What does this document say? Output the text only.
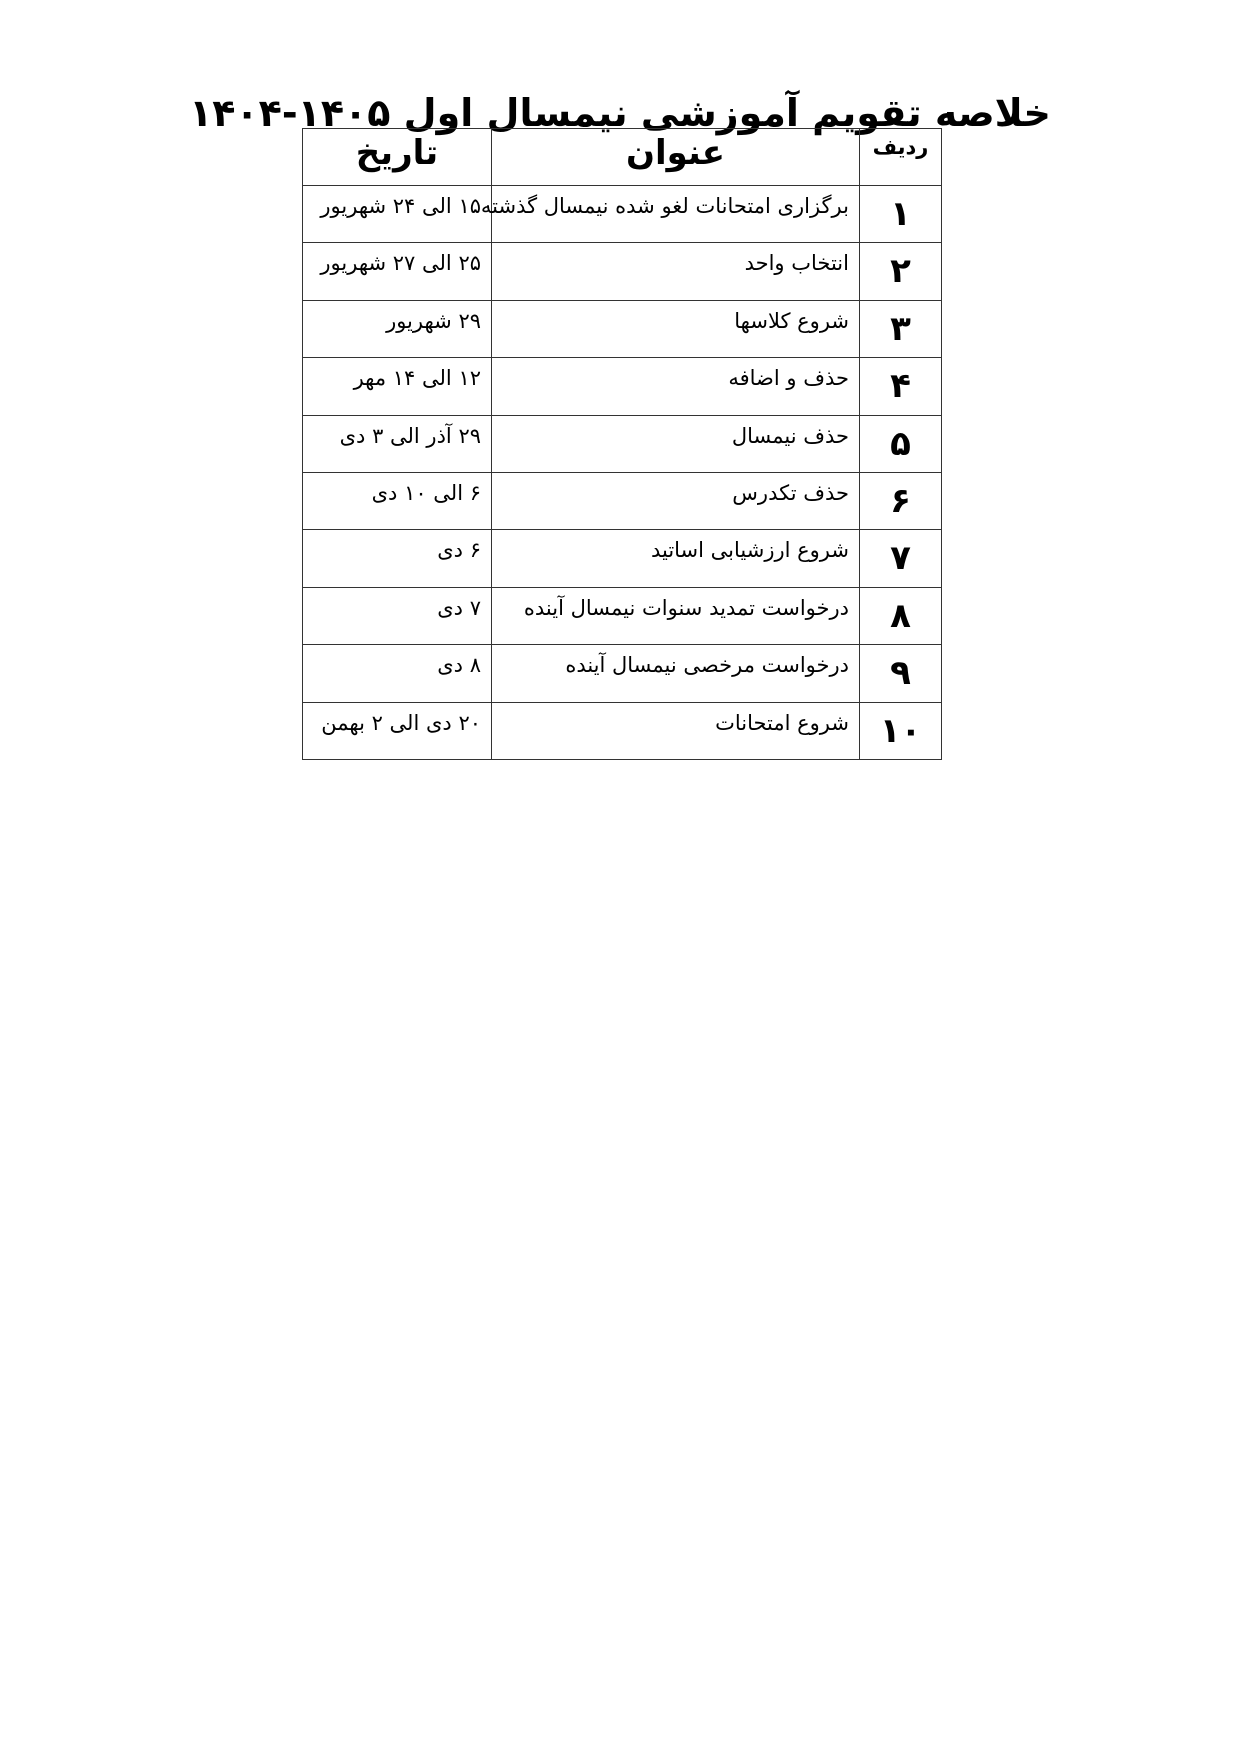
خلاصه تقویم آموزشی نیمسال اول ۱۴۰۵-۱۴۰۴
ردیف	عنوان	تاریخ
۱	برگزاری امتحانات لغو شده نیمسال گذشته	۱۵ الی ۲۴ شهریور
۲	انتخاب واحد	۲۵ الی ۲۷ شهریور
۳	شروع کلاسها	۲۹ شهریور
۴	حذف و اضافه	۱۲ الی ۱۴ مهر
۵	حذف نیمسال	۲۹ آذر الی ۳ دی
۶	حذف تکدرس	۶ الی ۱۰ دی
۷	شروع ارزشیابی اساتید	۶ دی
۸	درخواست تمدید سنوات نیمسال آینده	۷ دی
۹	درخواست مرخصی نیمسال آینده	۸ دی
۱۰	شروع امتحانات	۲۰ دی الی ۲ بهمن
